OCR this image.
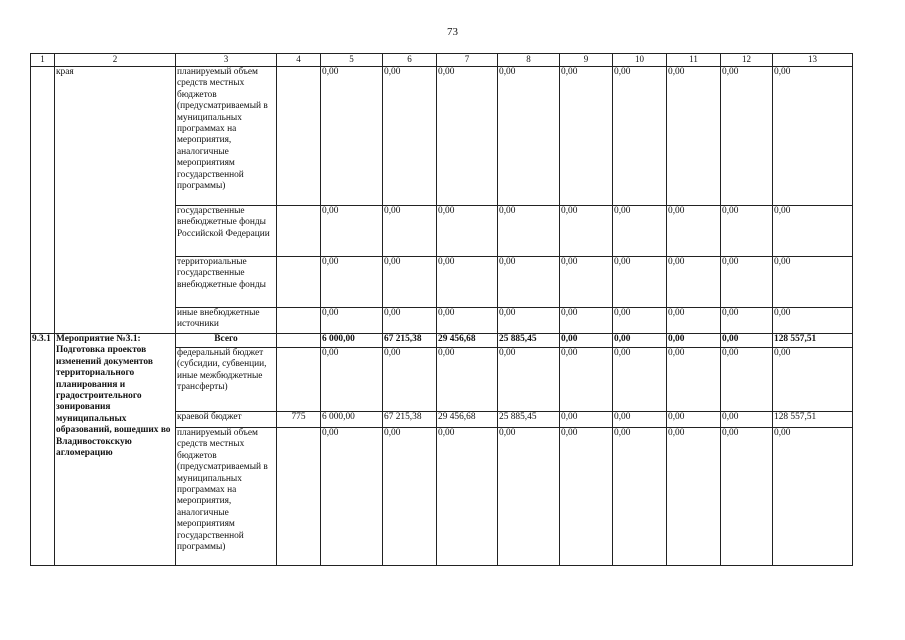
73
1	2	3	4	5	6	7	8	9	10	11	12	13
	края	планируемый объем средств местных бюджетов (предусматриваемый в муниципальных программах на мероприятия, аналогичные мероприятиям государственной программы)		0,00	0,00	0,00	0,00	0,00	0,00	0,00	0,00	0,00
		государственные внебюджетные фонды Российской Федерации		0,00	0,00	0,00	0,00	0,00	0,00	0,00	0,00	0,00
		территориальные государственные внебюджетные фонды		0,00	0,00	0,00	0,00	0,00	0,00	0,00	0,00	0,00
		иные внебюджетные источники		0,00	0,00	0,00	0,00	0,00	0,00	0,00	0,00	0,00
9.3.1	Мероприятие №3.1: Подготовка проектов изменений документов территориального планирования и градостроительного зонирования муниципальных образований, вошедших во Владивостокскую агломерацию	Всего		6 000,00	67 215,38	29 456,68	25 885,45	0,00	0,00	0,00	0,00	128 557,51
		федеральный бюджет (субсидии, субвенции, иные межбюджетные трансферты)		0,00	0,00	0,00	0,00	0,00	0,00	0,00	0,00	0,00
		краевой бюджет	775	6 000,00	67 215,38	29 456,68	25 885,45	0,00	0,00	0,00	0,00	128 557,51
		планируемый объем средств местных бюджетов (предусматриваемый в муниципальных программах на мероприятия, аналогичные мероприятиям государственной программы)		0,00	0,00	0,00	0,00	0,00	0,00	0,00	0,00	0,00
